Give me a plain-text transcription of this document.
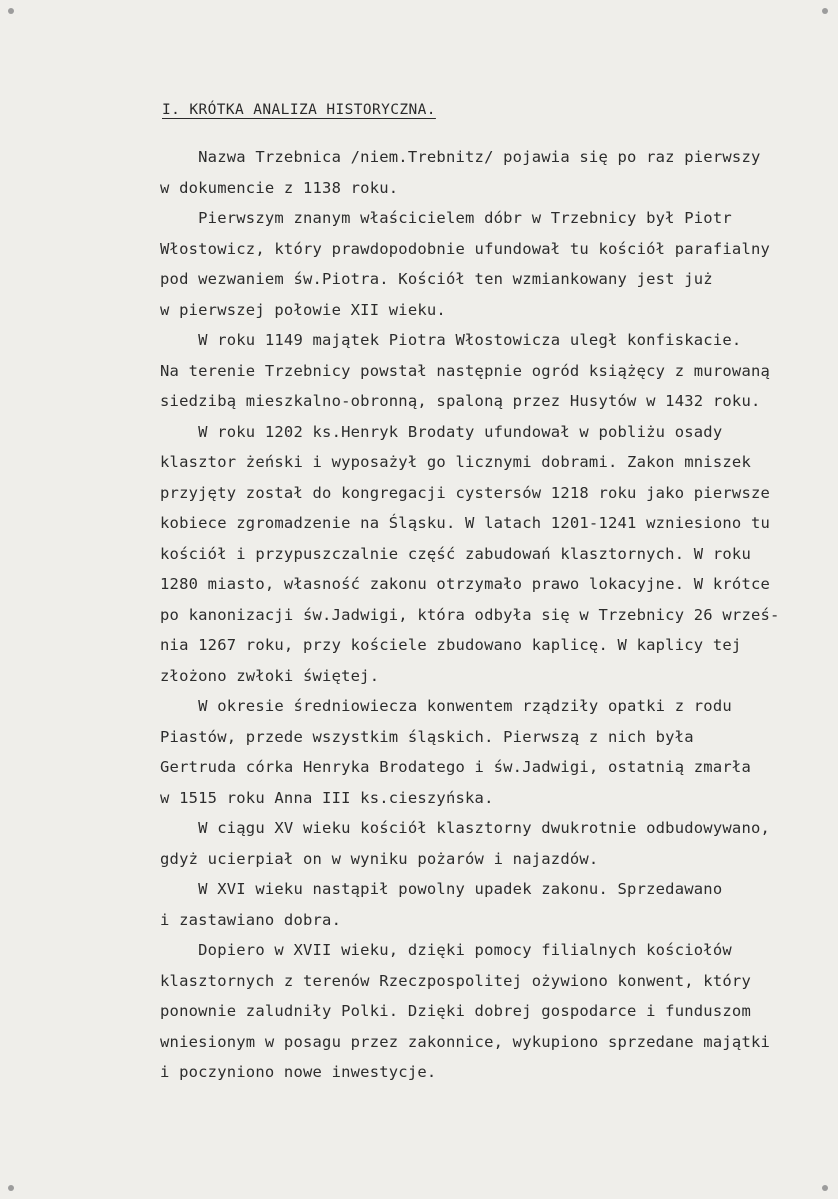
I. KRÓTKA ANALIZA HISTORYCZNA.
Nazwa Trzebnica /niem.Trebnitz/ pojawia się po raz pierwszy
w dokumencie z 1138 roku.
Pierwszym znanym właścicielem dóbr w Trzebnicy był Piotr
Włostowicz, który prawdopodobnie ufundował tu kościół parafialny
pod wezwaniem św.Piotra. Kościół ten wzmiankowany jest już
w pierwszej połowie XII wieku.
W roku 1149 majątek Piotra Włostowicza uległ konfiskacie.
Na terenie Trzebnicy powstał następnie ogród książęcy z murowaną
siedzibą mieszkalno-obronną, spaloną przez Husytów w 1432 roku.
W roku 1202 ks.Henryk Brodaty ufundował w pobliżu osady
klasztor żeński i wyposażył go licznymi dobrami. Zakon mniszek
przyjęty został do kongregacji cystersów 1218 roku jako pierwsze
kobiece zgromadzenie na Śląsku. W latach 1201-1241 wzniesiono tu
kościół i przypuszczalnie część zabudowań klasztornych. W roku
1280 miasto, własność zakonu otrzymało prawo lokacyjne. W krótce
po kanonizacji św.Jadwigi, która odbyła się w Trzebnicy 26 wrześ-
nia 1267 roku, przy kościele zbudowano kaplicę. W kaplicy tej
złożono zwłoki świętej.
W okresie średniowiecza konwentem rządziły opatki z rodu
Piastów, przede wszystkim śląskich. Pierwszą z nich była
Gertruda córka Henryka Brodatego i św.Jadwigi, ostatnią zmarła
w 1515 roku Anna III ks.cieszyńska.
W ciągu XV wieku kościół klasztorny dwukrotnie odbudowywano,
gdyż ucierpiał on w wyniku pożarów i najazdów.
W XVI wieku nastąpił powolny upadek zakonu. Sprzedawano
i zastawiano dobra.
Dopiero w XVII wieku, dzięki pomocy filialnych kościołów
klasztornych z terenów Rzeczpospolitej ożywiono konwent, który
ponownie zaludniły Polki. Dzięki dobrej gospodarce i funduszom
wniesionym w posagu przez zakonnice, wykupiono sprzedane majątki
i poczyniono nowe inwestycje.
